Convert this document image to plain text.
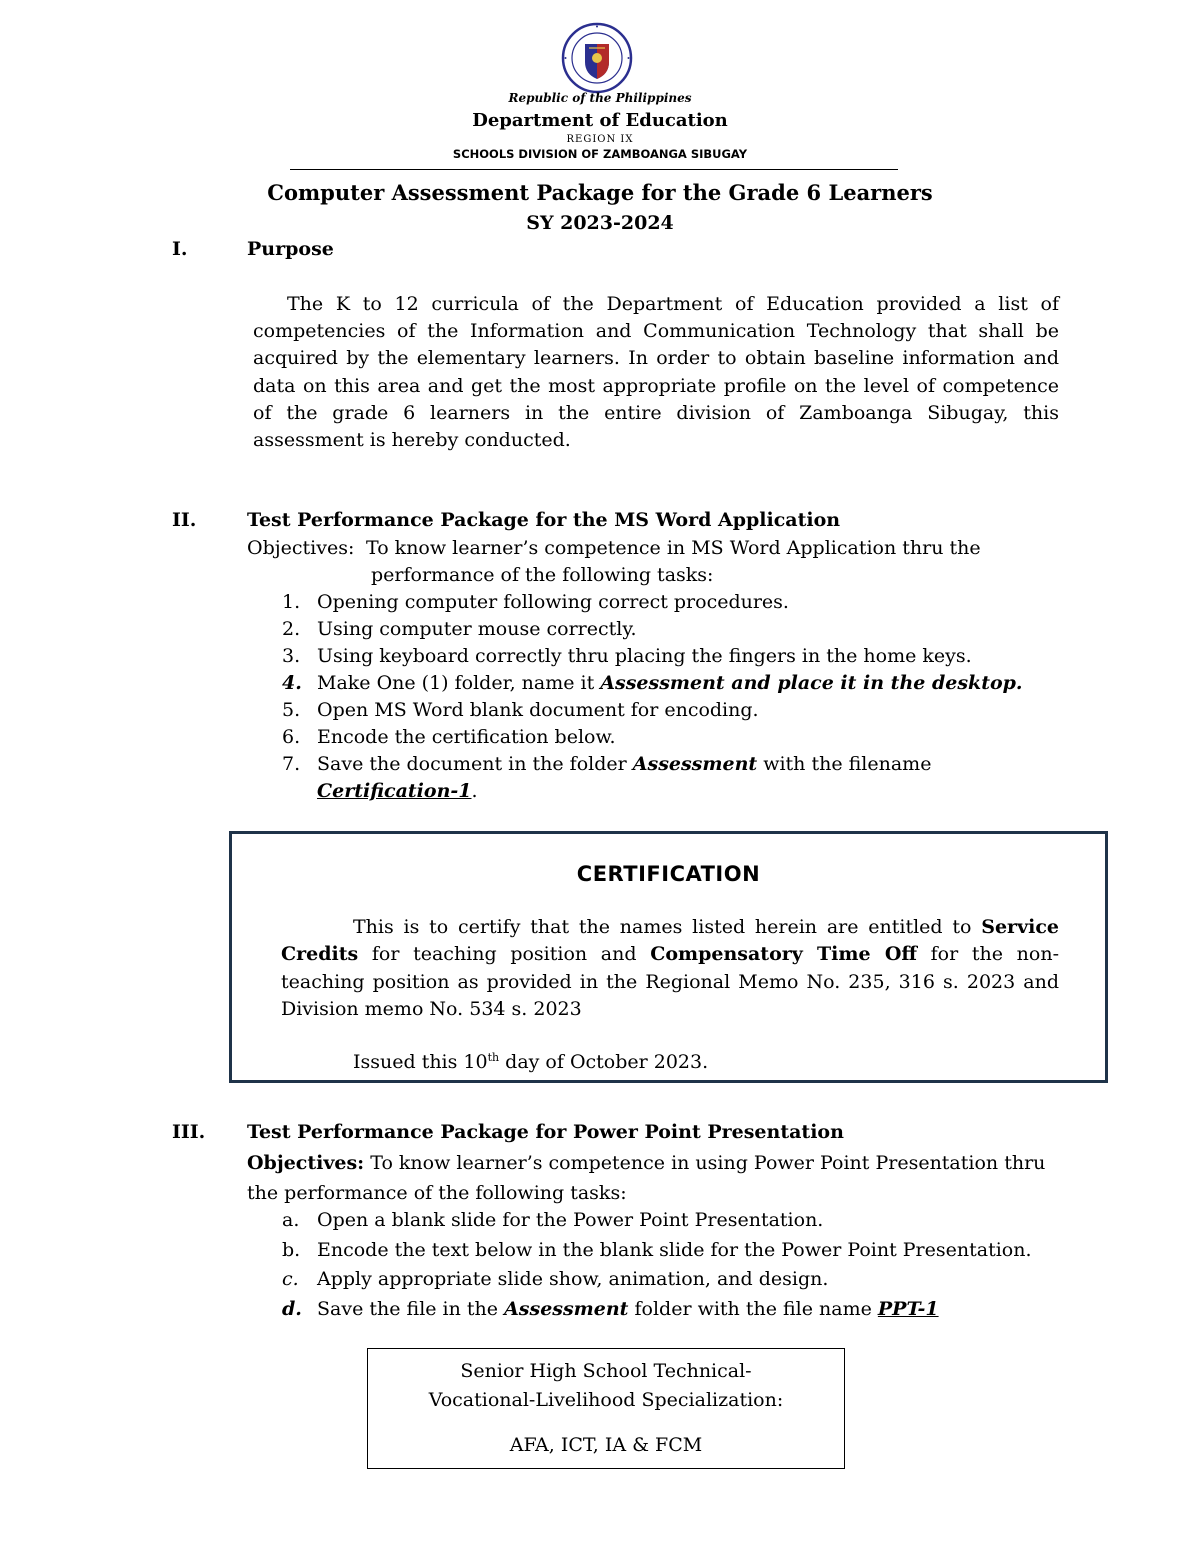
Republic of the Philippines
Department of Education
REGION IX
SCHOOLS DIVISION OF ZAMBOANGA SIBUGAY
Computer Assessment Package for the Grade 6 Learners
SY 2023-2024
I.	Purpose
The K to 12 curricula of the Department of Education provided a list of competencies of the Information and Communication Technology that shall be acquired by the elementary learners. In order to obtain baseline information and data on this area and get the most appropriate profile on the level of competence of the grade 6 learners in the entire division of Zamboanga Sibugay, this assessment is hereby conducted.
II.	Test Performance Package for the MS Word Application
Objectives: To know learner’s competence in MS Word Application thru the
performance of the following tasks:
1. Opening computer following correct procedures.
2. Using computer mouse correctly.
3. Using keyboard correctly thru placing the fingers in the home keys.
4. Make One (1) folder, name it Assessment and place it in the desktop.
5. Open MS Word blank document for encoding.
6. Encode the certification below.
7. Save the document in the folder Assessment with the filename Certification-1.
CERTIFICATION
This is to certify that the names listed herein are entitled to Service Credits for teaching position and Compensatory Time Off for the non-teaching position as provided in the Regional Memo No. 235, 316 s. 2023 and Division memo No. 534 s. 2023
Issued this 10th day of October 2023.
III. Test Performance Package for Power Point Presentation
Objectives: To know learner’s competence in using Power Point Presentation thru the performance of the following tasks:
a. Open a blank slide for the Power Point Presentation.
b. Encode the text below in the blank slide for the Power Point Presentation.
c. Apply appropriate slide show, animation, and design.
d. Save the file in the Assessment folder with the file name PPT-1
Senior High School Technical-
Vocational-Livelihood Specialization:
AFA, ICT, IA & FCM
